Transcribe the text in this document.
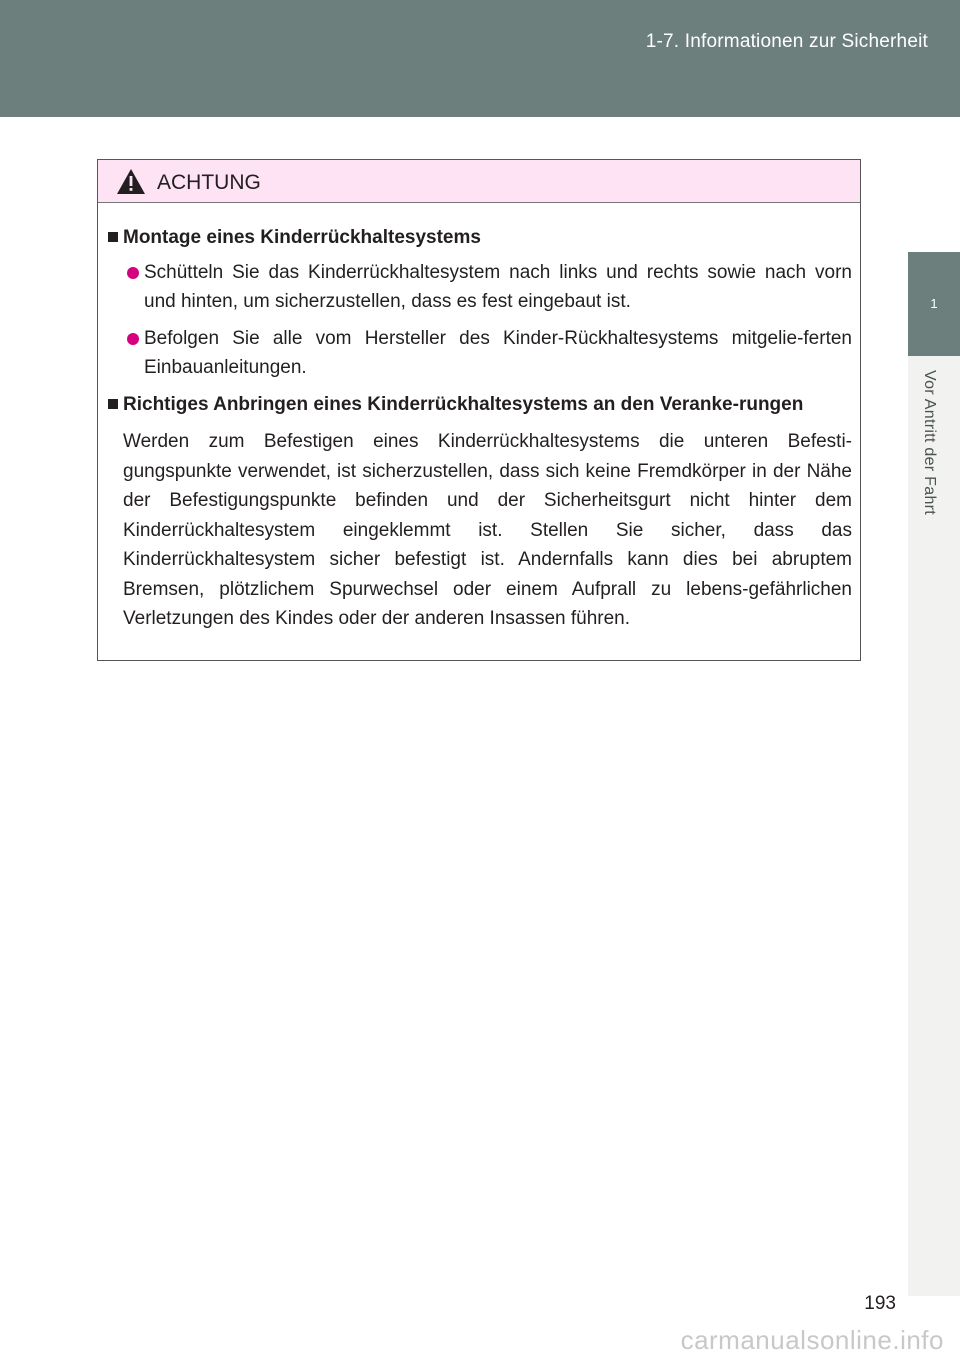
1-7. Informationen zur Sicherheit
1
Vor Antritt der Fahrt
ACHTUNG
Montage eines Kinderrückhaltesystems
Schütteln Sie das Kinderrückhaltesystem nach links und rechts sowie nach vorn und hinten, um sicherzustellen, dass es fest eingebaut ist.
Befolgen Sie alle vom Hersteller des Kinder-Rückhaltesystems mitgelie-ferten Einbauanleitungen.
Richtiges Anbringen eines Kinderrückhaltesystems an den Veranke-rungen
Werden zum Befestigen eines Kinderrückhaltesystems die unteren Befesti-gungspunkte verwendet, ist sicherzustellen, dass sich keine Fremdkörper in der Nähe der Befestigungspunkte befinden und der Sicherheitsgurt nicht hinter dem Kinderrückhaltesystem eingeklemmt ist. Stellen Sie sicher, dass das Kinderrückhaltesystem sicher befestigt ist. Andernfalls kann dies bei abruptem Bremsen, plötzlichem Spurwechsel oder einem Aufprall zu lebens-gefährlichen Verletzungen des Kindes oder der anderen Insassen führen.
193
carmanualsonline.info
